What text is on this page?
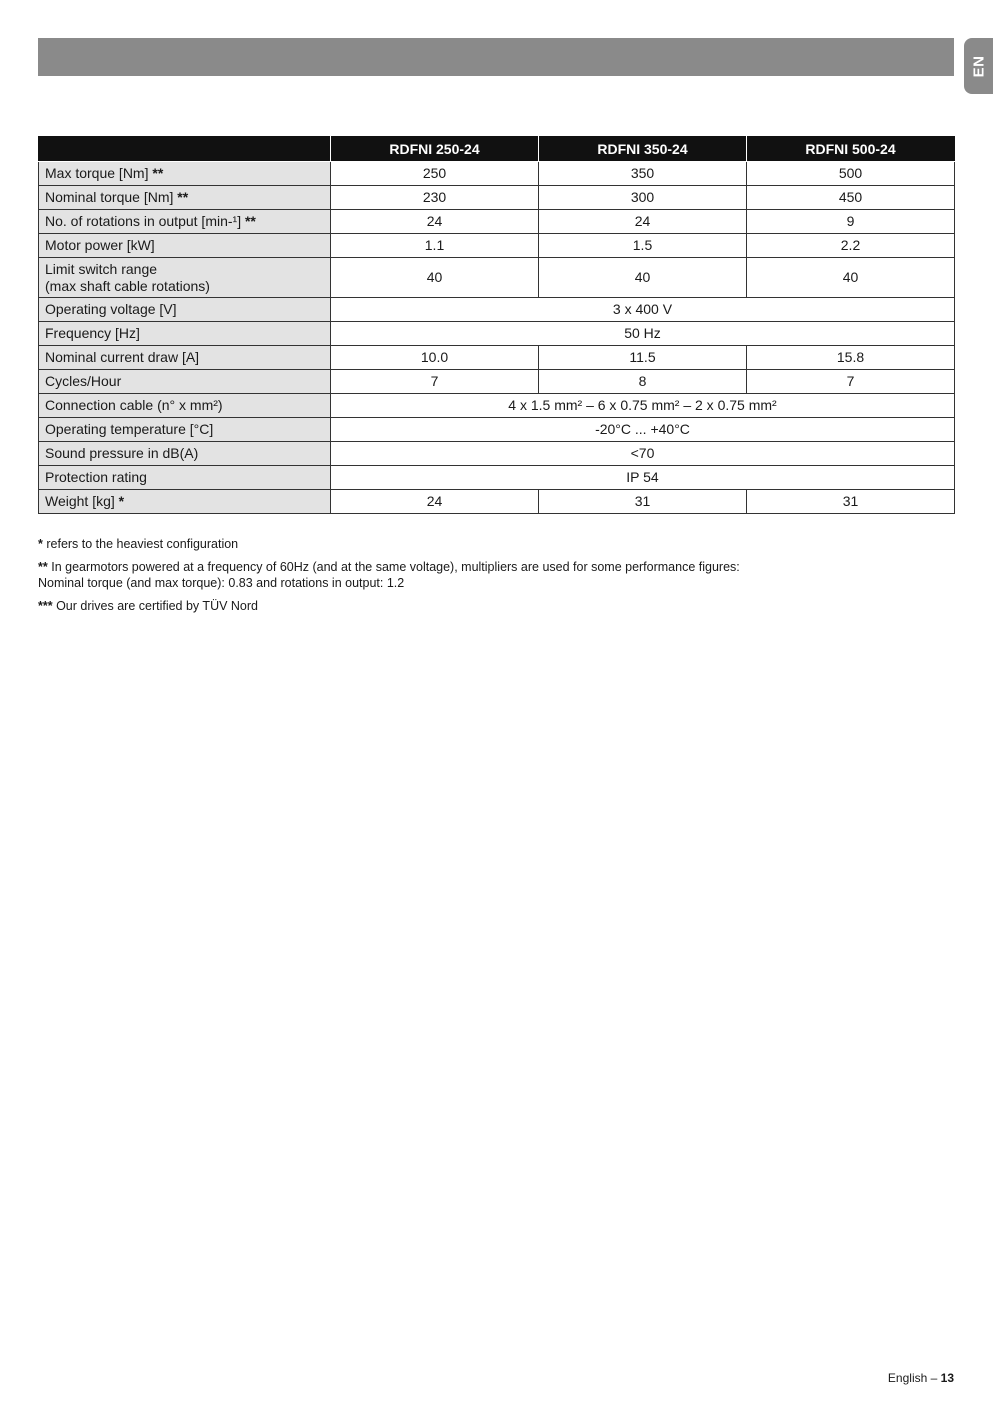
EN
	RDFNI 250-24	RDFNI 350-24	RDFNI 500-24
Max torque [Nm] **	250	350	500
Nominal torque [Nm] **	230	300	450
No. of rotations in output [min-¹] **	24	24	9
Motor power [kW]	1.1	1.5	2.2
Limit switch range
(max shaft cable rotations)	40	40	40
Operating voltage [V]	3 x 400 V		
Frequency [Hz]	50 Hz		
Nominal current draw [A]	10.0	11.5	15.8
Cycles/Hour	7	8	7
Connection cable (n° x mm²)	4 x 1.5 mm² – 6 x 0.75 mm² – 2 x 0.75 mm²		
Operating temperature [°C]	-20°C ... +40°C		
Sound pressure in dB(A)	<70		
Protection rating	IP 54		
Weight [kg] *	24	31	31

* refers to the heaviest configuration

** In gearmotors powered at a frequency of 60Hz (and at the same voltage), multipliers are used for some performance figures:
Nominal torque (and max torque): 0.83 and rotations in output: 1.2

*** Our drives are certified by TÜV Nord

English – 13
